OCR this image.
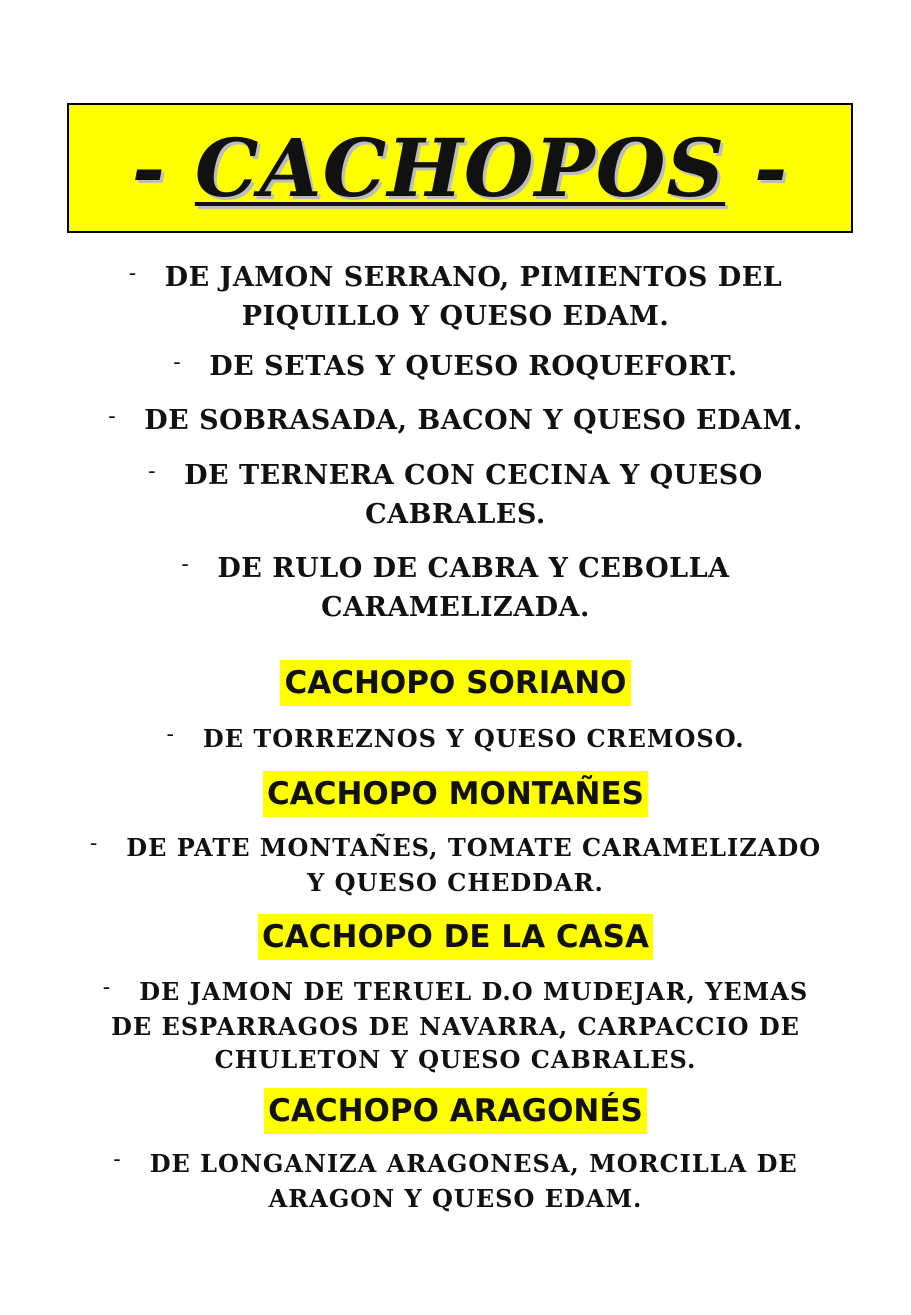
- CACHOPOS -
- DE JAMON SERRANO, PIMIENTOS DEL
PIQUILLO Y QUESO EDAM.
- DE SETAS Y QUESO ROQUEFORT.
- DE SOBRASADA, BACON Y QUESO EDAM.
- DE TERNERA CON CECINA Y QUESO
CABRALES.
- DE RULO DE CABRA Y CEBOLLA
CARAMELIZADA.
CACHOPO SORIANO
- DE TORREZNOS Y QUESO CREMOSO.
CACHOPO MONTAÑES
- DE PATE MONTAÑES, TOMATE CARAMELIZADO
Y QUESO CHEDDAR.
CACHOPO DE LA CASA
- DE JAMON DE TERUEL D.O MUDEJAR, YEMAS
DE ESPARRAGOS DE NAVARRA, CARPACCIO DE
CHULETON Y QUESO CABRALES.
CACHOPO ARAGONÉS
- DE LONGANIZA ARAGONESA, MORCILLA DE
ARAGON Y QUESO EDAM.
